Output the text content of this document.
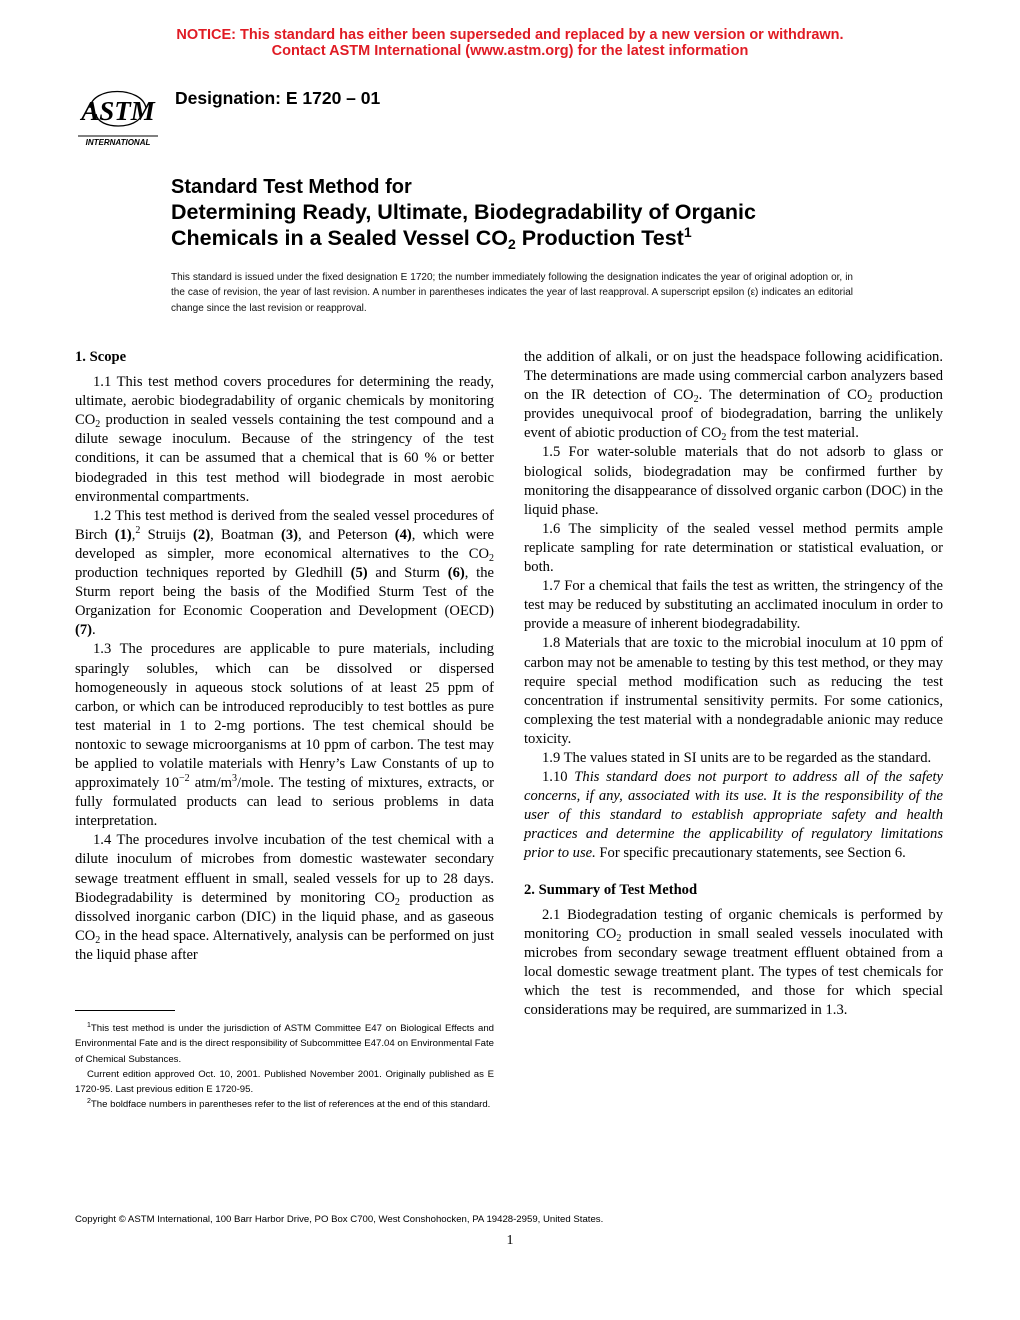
NOTICE: This standard has either been superseded and replaced by a new version or withdrawn.
Contact ASTM International (www.astm.org) for the latest information
ASTM
INTERNATIONAL
Designation: E 1720 – 01
Standard Test Method for
Determining Ready, Ultimate, Biodegradability of Organic
Chemicals in a Sealed Vessel $CO_2$ Production Test$^1$
This standard is issued under the fixed designation E 1720; the number immediately following the designation indicates the year of original adoption or, in the case of revision, the year of last revision. A number in parentheses indicates the year of last reapproval. A superscript epsilon (ε) indicates an editorial change since the last revision or reapproval.
1. Scope

1.1 This test method covers procedures for determining the ready, ultimate, aerobic biodegradability of organic chemicals by monitoring $CO_2$ production in sealed vessels containing the test compound and a dilute sewage inoculum. Because of the stringency of the test conditions, it can be assumed that a chemical that is 60 % or better biodegraded in this test method will biodegrade in most aerobic environmental compartments.

1.2 This test method is derived from the sealed vessel procedures of Birch (1),$^2$ Struijs (2), Boatman (3), and Peterson (4), which were developed as simpler, more economical alternatives to the $CO_2$ production techniques reported by Gledhill (5) and Sturm (6), the Sturm report being the basis of the Modified Sturm Test of the Organization for Economic Cooperation and Development (OECD) (7).

1.3 The procedures are applicable to pure materials, including sparingly solubles, which can be dissolved or dispersed homogeneously in aqueous stock solutions of at least 25 ppm of carbon, or which can be introduced reproducibly to test bottles as pure test material in 1 to 2-mg portions. The test chemical should be nontoxic to sewage microorganisms at 10 ppm of carbon. The test may be applied to volatile materials with Henry’s Law Constants of up to approximately $10^{-2}$ atm/$m^3$/mole. The testing of mixtures, extracts, or fully formulated products can lead to serious problems in data interpretation.

1.4 The procedures involve incubation of the test chemical with a dilute inoculum of microbes from domestic wastewater secondary sewage treatment effluent in small, sealed vessels for up to 28 days. Biodegradability is determined by monitoring $CO_2$ production as dissolved inorganic carbon (DIC) in the liquid phase, and as gaseous $CO_2$ in the head space. Alternatively, analysis can be performed on just the liquid phase after

the addition of alkali, or on just the headspace following acidification. The determinations are made using commercial carbon analyzers based on the IR detection of $CO_2$. The determination of $CO_2$ production provides unequivocal proof of biodegradation, barring the unlikely event of abiotic production of $CO_2$ from the test material.

1.5 For water-soluble materials that do not adsorb to glass or biological solids, biodegradation may be confirmed further by monitoring the disappearance of dissolved organic carbon (DOC) in the liquid phase.

1.6 The simplicity of the sealed vessel method permits ample replicate sampling for rate determination or statistical evaluation, or both.

1.7 For a chemical that fails the test as written, the stringency of the test may be reduced by substituting an acclimated inoculum in order to provide a measure of inherent biodegradability.

1.8 Materials that are toxic to the microbial inoculum at 10 ppm of carbon may not be amenable to testing by this test method, or they may require special method modification such as reducing the test concentration if instrumental sensitivity permits. For some cationics, complexing the test material with a nondegradable anionic may reduce toxicity.

1.9 The values stated in SI units are to be regarded as the standard.

1.10 This standard does not purport to address all of the safety concerns, if any, associated with its use. It is the responsibility of the user of this standard to establish appropriate safety and health practices and determine the applicability of regulatory limitations prior to use. For specific precautionary statements, see Section 6.

2. Summary of Test Method

2.1 Biodegradation testing of organic chemicals is performed by monitoring $CO_2$ production in small sealed vessels inoculated with microbes from secondary sewage treatment effluent obtained from a local domestic sewage treatment plant. The types of test chemicals for which the test is recommended, and those for which special considerations may be required, are summarized in 1.3.

$^1$This test method is under the jurisdiction of ASTM Committee E47 on Biological Effects and Environmental Fate and is the direct responsibility of Subcommittee E47.04 on Environmental Fate of Chemical Substances.

Current edition approved Oct. 10, 2001. Published November 2001. Originally published as E 1720-95. Last previous edition E 1720-95.

$^2$The boldface numbers in parentheses refer to the list of references at the end of this standard.

Copyright © ASTM International, 100 Barr Harbor Drive, PO Box C700, West Conshohocken, PA 19428-2959, United States.
1
